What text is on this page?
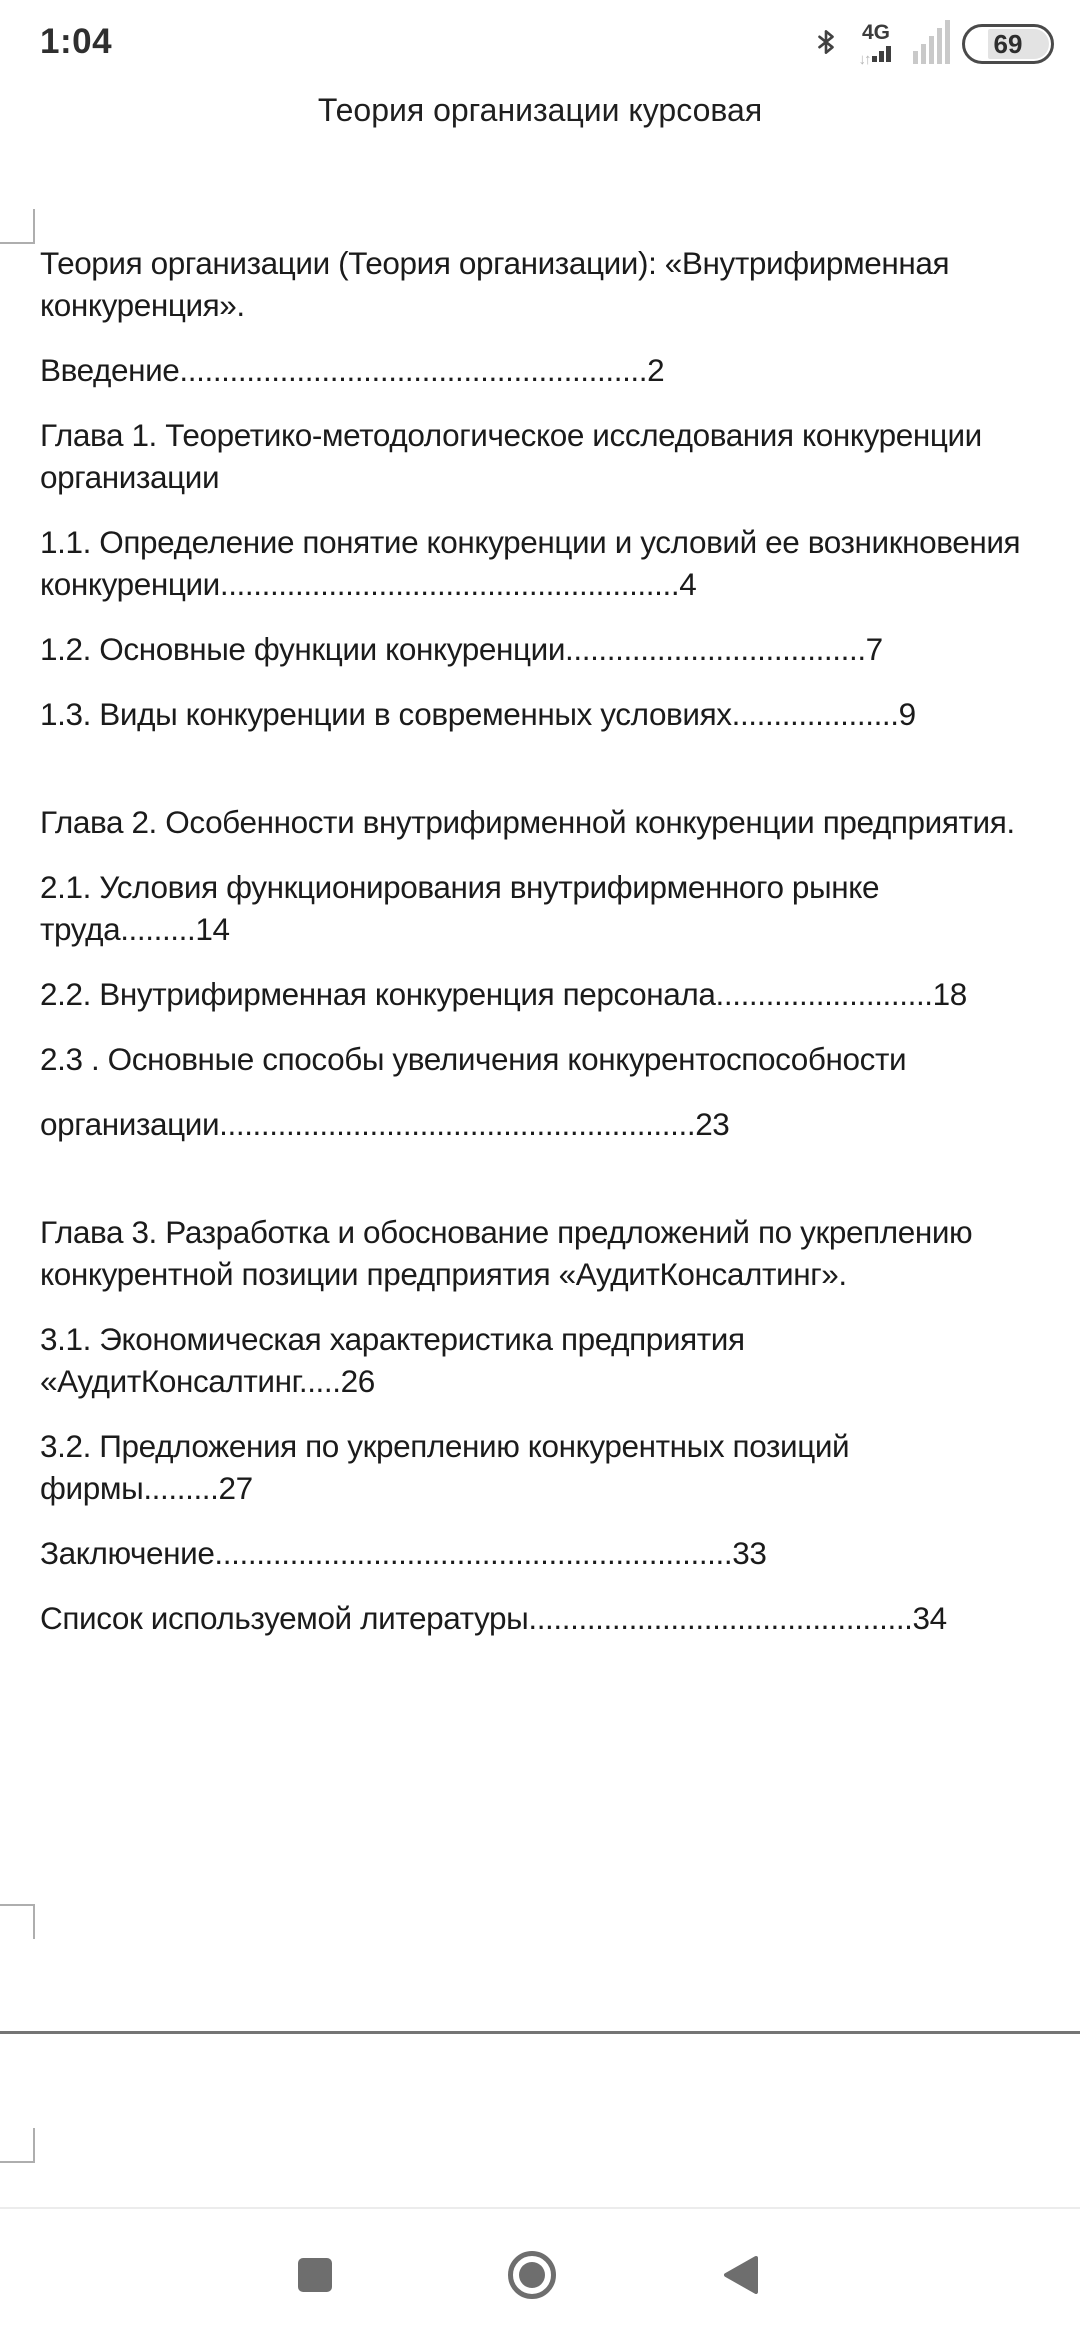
1:04	4G
↓↑
69
Теория организации курсовая

Теория организации (Теория организации): «Внутрифирменная
конкуренция».

Введение........................................................2

Глава 1. Теоретико-методологическое исследования конкуренции
организации

1.1. Определение понятие конкуренции и условий ее возникновения
конкуренции.......................................................4

1.2. Основные функции конкуренции....................................7

1.3. Виды конкуренции в современных условиях....................9

Глава 2. Особенности внутрифирменной конкуренции предприятия.

2.1. Условия функционирования внутрифирменного рынке
труда.........14

2.2. Внутрифирменная конкуренция персонала..........................18

2.3 . Основные способы увеличения конкурентоспособности

организации.........................................................23

Глава 3. Разработка и обоснование предложений по укреплению
конкурентной позиции предприятия «АудитКонсалтинг».

3.1. Экономическая характеристика предприятия
«АудитКонсалтинг.....26

3.2. Предложения по укреплению конкурентных позиций
фирмы.........27

Заключение..............................................................33

Список используемой литературы..............................................34
